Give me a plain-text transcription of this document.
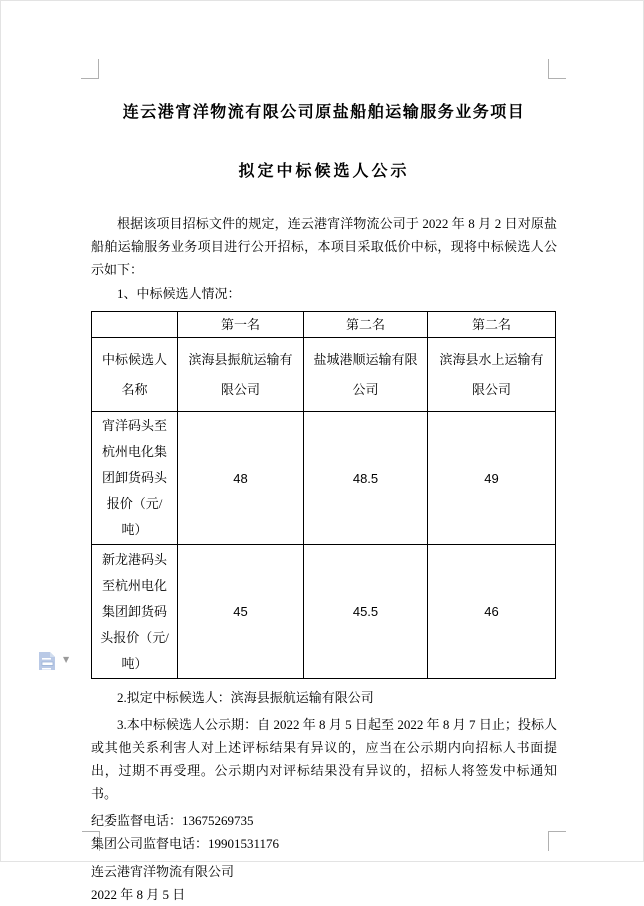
连云港宵洋物流有限公司原盐船舶运输服务业务项目
拟定中标候选人公示

根据该项目招标文件的规定，连云港宵洋物流公司于 2022 年 8 月 2 日对原盐船舶运输服务业务项目进行公开招标，本项目采取低价中标，现将中标候选人公示如下：

1、中标候选人情况：

	第一名	第二名	第二名
中标候选人名称	滨海县振航运输有限公司	盐城港顺运输有限公司	滨海县水上运输有限公司
宵洋码头至杭州电化集团卸货码头报价（元/吨）	48	48.5	49
新龙港码头至杭州电化集团卸货码头报价（元/吨）	45	45.5	46

2.拟定中标候选人：滨海县振航运输有限公司

3.本中标候选人公示期：自 2022 年 8 月 5 日起至 2022 年 8 月 7 日止；投标人或其他关系利害人对上述评标结果有异议的，应当在公示期内向招标人书面提出，过期不再受理。公示期内对评标结果没有异议的，招标人将签发中标通知书。

纪委监督电话：13675269735

集团公司监督电话：19901531176

连云港宵洋物流有限公司

2022 年 8 月 5 日

▼
